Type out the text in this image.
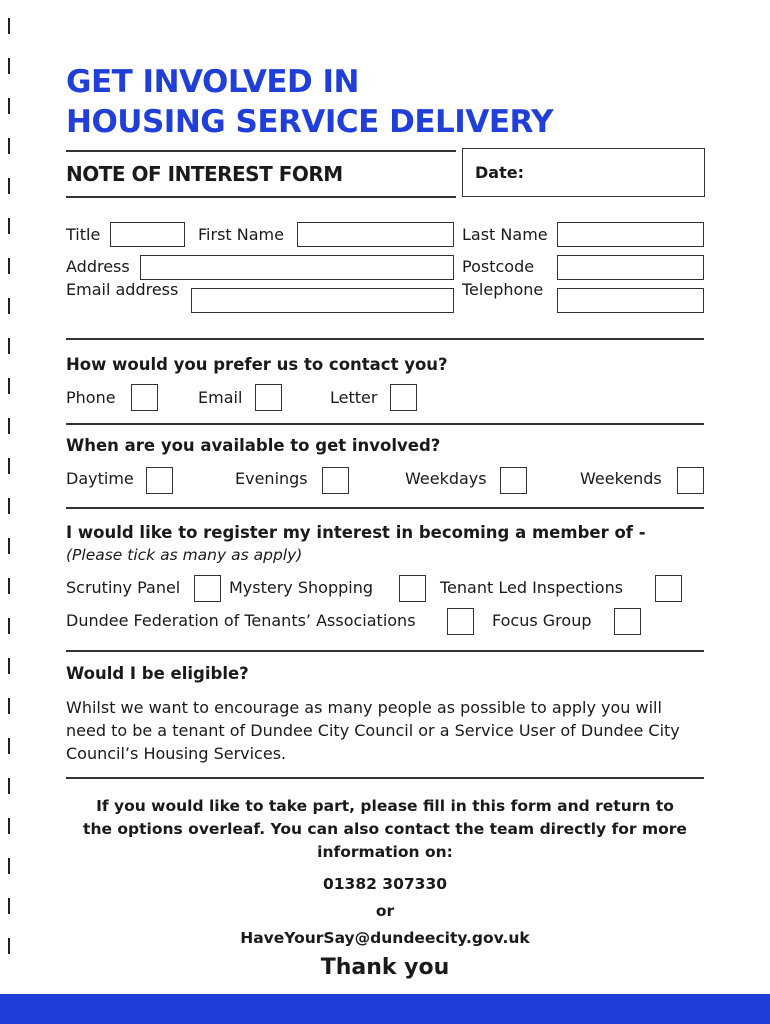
GET INVOLVED IN
HOUSING SERVICE DELIVERY
NOTE OF INTEREST FORM	Date:
Title	First Name	Last Name
Address	Postcode
Email address	Telephone
How would you prefer us to contact you?
Phone	Email	Letter
When are you available to get involved?
Daytime	Evenings	Weekdays	Weekends
I would like to register my interest in becoming a member of -
(Please tick as many as apply)
Scrutiny Panel	Mystery Shopping	Tenant Led Inspections
Dundee Federation of Tenants’ Associations	Focus Group
Would I be eligible?
Whilst we want to encourage as many people as possible to apply you will
need to be a tenant of Dundee City Council or a Service User of Dundee City
Council’s Housing Services.
If you would like to take part, please fill in this form and return to
the options overleaf. You can also contact the team directly for more
information on:
01382 307330
or
HaveYourSay@dundeecity.gov.uk
Thank you
